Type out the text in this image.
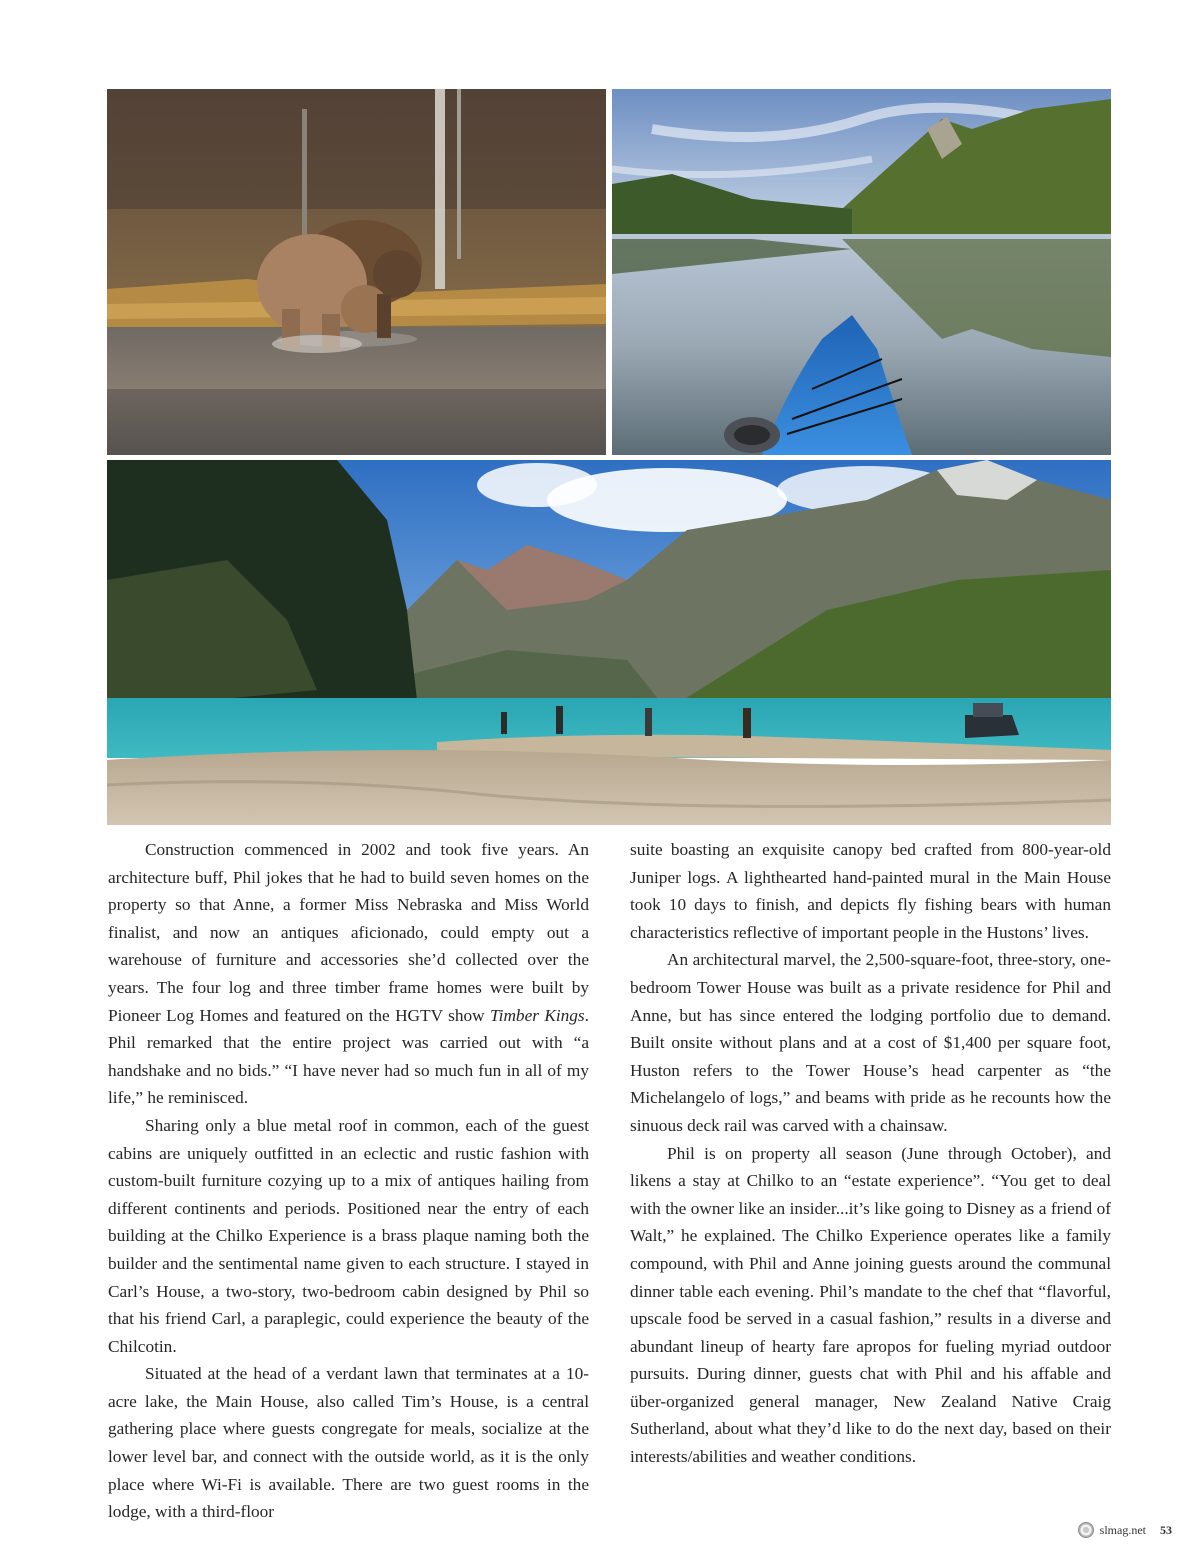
Construction commenced in 2002 and took five years. An architecture buff, Phil jokes that he had to build seven homes on the property so that Anne, a former Miss Nebraska and Miss World finalist, and now an antiques aficionado, could empty out a warehouse of furniture and accessories she’d collected over the years. The four log and three timber frame homes were built by Pioneer Log Homes and featured on the HGTV show Timber Kings. Phil remarked that the entire project was carried out with “a handshake and no bids.” “I have never had so much fun in all of my life,” he reminisced.

Sharing only a blue metal roof in common, each of the guest cabins are uniquely outfitted in an eclectic and rustic fashion with custom-built furniture cozying up to a mix of antiques hailing from different continents and periods. Positioned near the entry of each building at the Chilko Experience is a brass plaque naming both the builder and the sentimental name given to each structure. I stayed in Carl’s House, a two-story, two-bedroom cabin designed by Phil so that his friend Carl, a paraplegic, could experience the beauty of the Chilcotin.

Situated at the head of a verdant lawn that terminates at a 10-acre lake, the Main House, also called Tim’s House, is a central gathering place where guests congregate for meals, socialize at the lower level bar, and connect with the outside world, as it is the only place where Wi-Fi is available. There are two guest rooms in the lodge, with a third-floor

suite boasting an exquisite canopy bed crafted from 800-year-old Juniper logs. A lighthearted hand-painted mural in the Main House took 10 days to finish, and depicts fly fishing bears with human characteristics reflective of important people in the Hustons’ lives.

An architectural marvel, the 2,500-square-foot, three-story, one-bedroom Tower House was built as a private residence for Phil and Anne, but has since entered the lodging portfolio due to demand. Built onsite without plans and at a cost of $1,400 per square foot, Huston refers to the Tower House’s head carpenter as “the Michelangelo of logs,” and beams with pride as he recounts how the sinuous deck rail was carved with a chainsaw.

Phil is on property all season (June through October), and likens a stay at Chilko to an “estate experience”. “You get to deal with the owner like an insider...it’s like going to Disney as a friend of Walt,” he explained. The Chilko Experience operates like a family compound, with Phil and Anne joining guests around the communal dinner table each evening. Phil’s mandate to the chef that “flavorful, upscale food be served in a casual fashion,” results in a diverse and abundant lineup of hearty fare apropos for fueling myriad outdoor pursuits. During dinner, guests chat with Phil and his affable and über-organized general manager, New Zealand Native Craig Sutherland, about what they’d like to do the next day, based on their interests/abilities and weather conditions.

slmag.net 53
